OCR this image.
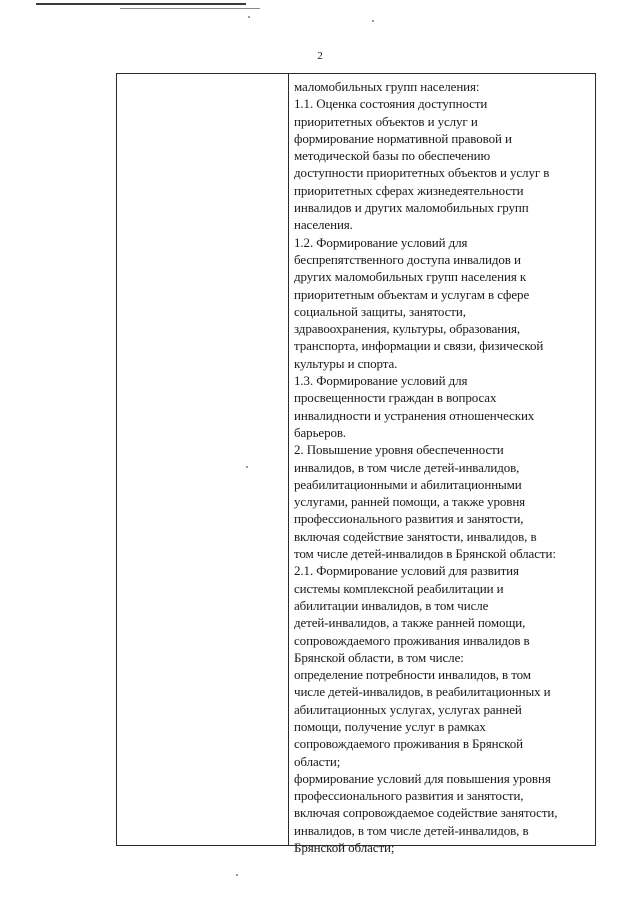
2
маломобильных групп населения:
1.1. Оценка состояния доступности
приоритетных объектов и услуг и
формирование нормативной правовой и
методической базы по обеспечению
доступности приоритетных объектов и услуг в
приоритетных сферах жизнедеятельности
инвалидов и других маломобильных групп
населения.
1.2. Формирование условий для
беспрепятственного доступа инвалидов и
других маломобильных групп населения к
приоритетным объектам и услугам в сфере
социальной защиты, занятости,
здравоохранения, культуры, образования,
транспорта, информации и связи, физической
культуры и спорта.
1.3. Формирование условий для
просвещенности граждан в вопросах
инвалидности и устранения отношенческих
барьеров.
2. Повышение уровня обеспеченности
инвалидов, в том числе детей-инвалидов,
реабилитационными и абилитационными
услугами, ранней помощи, а также уровня
профессионального развития и занятости,
включая содействие занятости, инвалидов, в
том числе детей-инвалидов в Брянской области:
2.1. Формирование условий для развития
системы комплексной реабилитации и
абилитации инвалидов, в том числе
детей-инвалидов, а также ранней помощи,
сопровождаемого проживания инвалидов в
Брянской области, в том числе:
определение потребности инвалидов, в том
числе детей-инвалидов, в реабилитационных и
абилитационных услугах, услугах ранней
помощи, получение услуг в рамках
сопровождаемого проживания в Брянской
области;
формирование условий для повышения уровня
профессионального развития и занятости,
включая сопровождаемое содействие занятости,
инвалидов, в том числе детей-инвалидов, в
Брянской области;
